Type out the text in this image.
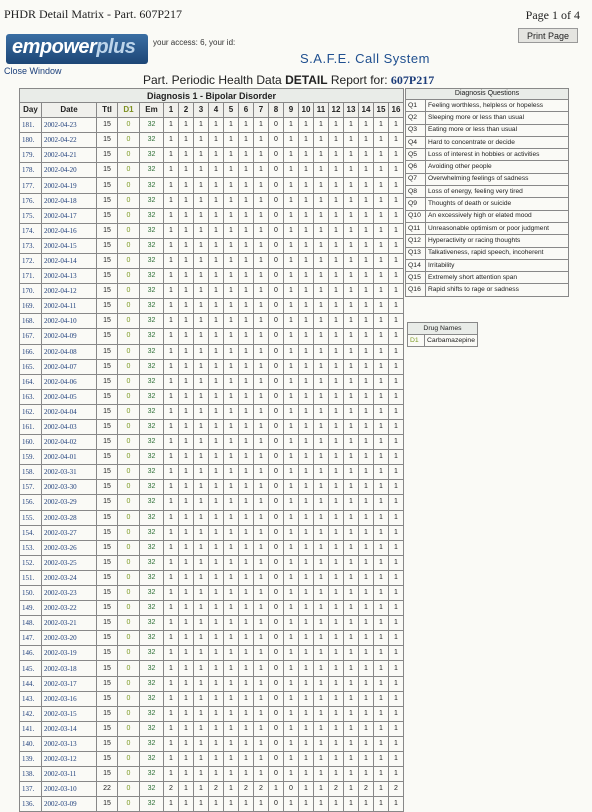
PHDR Detail Matrix - Part. 607P217	Page 1 of 4
Print Page
empowerplus your access: 6, your id:
Close Window
S.A.F.E. Call System
Part. Periodic Health Data DETAIL Report for: 607P217
Diagnosis 1 - Bipolar Disorder																				
Day	Date	Ttl	D1	Em	1	2	3	4	5	6	7	8	9	10	11	12	13	14	15	16
181.	2002-04-23	15	0	32	1	1	1	1	1	1	1	0	1	1	1	1	1	1	1	1
180.	2002-04-22	15	0	32	1	1	1	1	1	1	1	0	1	1	1	1	1	1	1	1
179.	2002-04-21	15	0	32	1	1	1	1	1	1	1	0	1	1	1	1	1	1	1	1
178.	2002-04-20	15	0	32	1	1	1	1	1	1	1	0	1	1	1	1	1	1	1	1
177.	2002-04-19	15	0	32	1	1	1	1	1	1	1	0	1	1	1	1	1	1	1	1
176.	2002-04-18	15	0	32	1	1	1	1	1	1	1	0	1	1	1	1	1	1	1	1
175.	2002-04-17	15	0	32	1	1	1	1	1	1	1	0	1	1	1	1	1	1	1	1
174.	2002-04-16	15	0	32	1	1	1	1	1	1	1	0	1	1	1	1	1	1	1	1
173.	2002-04-15	15	0	32	1	1	1	1	1	1	1	0	1	1	1	1	1	1	1	1
172.	2002-04-14	15	0	32	1	1	1	1	1	1	1	0	1	1	1	1	1	1	1	1
171.	2002-04-13	15	0	32	1	1	1	1	1	1	1	0	1	1	1	1	1	1	1	1
170.	2002-04-12	15	0	32	1	1	1	1	1	1	1	0	1	1	1	1	1	1	1	1
169.	2002-04-11	15	0	32	1	1	1	1	1	1	1	0	1	1	1	1	1	1	1	1
168.	2002-04-10	15	0	32	1	1	1	1	1	1	1	0	1	1	1	1	1	1	1	1
167.	2002-04-09	15	0	32	1	1	1	1	1	1	1	0	1	1	1	1	1	1	1	1
166.	2002-04-08	15	0	32	1	1	1	1	1	1	1	0	1	1	1	1	1	1	1	1
165.	2002-04-07	15	0	32	1	1	1	1	1	1	1	0	1	1	1	1	1	1	1	1
164.	2002-04-06	15	0	32	1	1	1	1	1	1	1	0	1	1	1	1	1	1	1	1
163.	2002-04-05	15	0	32	1	1	1	1	1	1	1	0	1	1	1	1	1	1	1	1
162.	2002-04-04	15	0	32	1	1	1	1	1	1	1	0	1	1	1	1	1	1	1	1
161.	2002-04-03	15	0	32	1	1	1	1	1	1	1	0	1	1	1	1	1	1	1	1
160.	2002-04-02	15	0	32	1	1	1	1	1	1	1	0	1	1	1	1	1	1	1	1
159.	2002-04-01	15	0	32	1	1	1	1	1	1	1	0	1	1	1	1	1	1	1	1
158.	2002-03-31	15	0	32	1	1	1	1	1	1	1	0	1	1	1	1	1	1	1	1
157.	2002-03-30	15	0	32	1	1	1	1	1	1	1	0	1	1	1	1	1	1	1	1
156.	2002-03-29	15	0	32	1	1	1	1	1	1	1	0	1	1	1	1	1	1	1	1
155.	2002-03-28	15	0	32	1	1	1	1	1	1	1	0	1	1	1	1	1	1	1	1
154.	2002-03-27	15	0	32	1	1	1	1	1	1	1	0	1	1	1	1	1	1	1	1
153.	2002-03-26	15	0	32	1	1	1	1	1	1	1	0	1	1	1	1	1	1	1	1
152.	2002-03-25	15	0	32	1	1	1	1	1	1	1	0	1	1	1	1	1	1	1	1
151.	2002-03-24	15	0	32	1	1	1	1	1	1	1	0	1	1	1	1	1	1	1	1
150.	2002-03-23	15	0	32	1	1	1	1	1	1	1	0	1	1	1	1	1	1	1	1
149.	2002-03-22	15	0	32	1	1	1	1	1	1	1	0	1	1	1	1	1	1	1	1
148.	2002-03-21	15	0	32	1	1	1	1	1	1	1	0	1	1	1	1	1	1	1	1
147.	2002-03-20	15	0	32	1	1	1	1	1	1	1	0	1	1	1	1	1	1	1	1
146.	2002-03-19	15	0	32	1	1	1	1	1	1	1	0	1	1	1	1	1	1	1	1
145.	2002-03-18	15	0	32	1	1	1	1	1	1	1	0	1	1	1	1	1	1	1	1
144.	2002-03-17	15	0	32	1	1	1	1	1	1	1	0	1	1	1	1	1	1	1	1
143.	2002-03-16	15	0	32	1	1	1	1	1	1	1	0	1	1	1	1	1	1	1	1
142.	2002-03-15	15	0	32	1	1	1	1	1	1	1	0	1	1	1	1	1	1	1	1
141.	2002-03-14	15	0	32	1	1	1	1	1	1	1	0	1	1	1	1	1	1	1	1
140.	2002-03-13	15	0	32	1	1	1	1	1	1	1	0	1	1	1	1	1	1	1	1
139.	2002-03-12	15	0	32	1	1	1	1	1	1	1	0	1	1	1	1	1	1	1	1
138.	2002-03-11	15	0	32	1	1	1	1	1	1	1	0	1	1	1	1	1	1	1	1
137.	2002-03-10	22	0	32	2	1	1	2	1	2	2	1	0	1	1	2	1	2	1	2
136.	2002-03-09	15	0	32	1	1	1	1	1	1	1	0	1	1	1	1	1	1	1	1
Diagnosis Questions	
Q1	Feeling worthless, helpless or hopeless
Q2	Sleeping more or less than usual
Q3	Eating more or less than usual
Q4	Hard to concentrate or decide
Q5	Loss of interest in hobbies or activities
Q6	Avoiding other people
Q7	Overwhelming feelings of sadness
Q8	Loss of energy, feeling very tired
Q9	Thoughts of death or suicide
Q10	An excessively high or elated mood
Q11	Unreasonable optimism or poor judgment
Q12	Hyperactivity or racing thoughts
Q13	Talkativeness, rapid speech, incoherent
Q14	Irritability
Q15	Extremely short attention span
Q16	Rapid shifts to rage or sadness
Drug Names
D1	Carbamazepine
